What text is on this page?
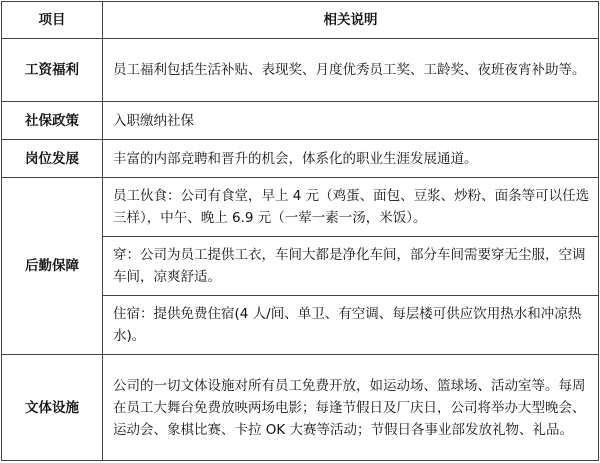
项目	相关说明
工资福利	员工福利包括生活补贴、表现奖、月度优秀员工奖、工龄奖、夜班夜宵补助等。
社保政策	入职缴纳社保
岗位发展	丰富的内部竞聘和晋升的机会，体系化的职业生涯发展通道。
后勤保障	员工伙食：公司有食堂，早上 4 元（鸡蛋、面包、豆浆、炒粉、面条等可以任选三样），中午、晚上 6.9 元（一荤一素一汤，米饭）。
	穿：公司为员工提供工衣，车间大都是净化车间，部分车间需要穿无尘服，空调车间，凉爽舒适。
	住宿：提供免费住宿(4 人/间、单卫、有空调、每层楼可供应饮用热水和冲凉热水)。
文体设施	公司的一切文体设施对所有员工免费开放，如运动场、篮球场、活动室等。每周在员工大舞台免费放映两场电影；每逢节假日及厂庆日，公司将举办大型晚会、运动会、象棋比赛、卡拉 OK 大赛等活动；节假日各事业部发放礼物、礼品。
